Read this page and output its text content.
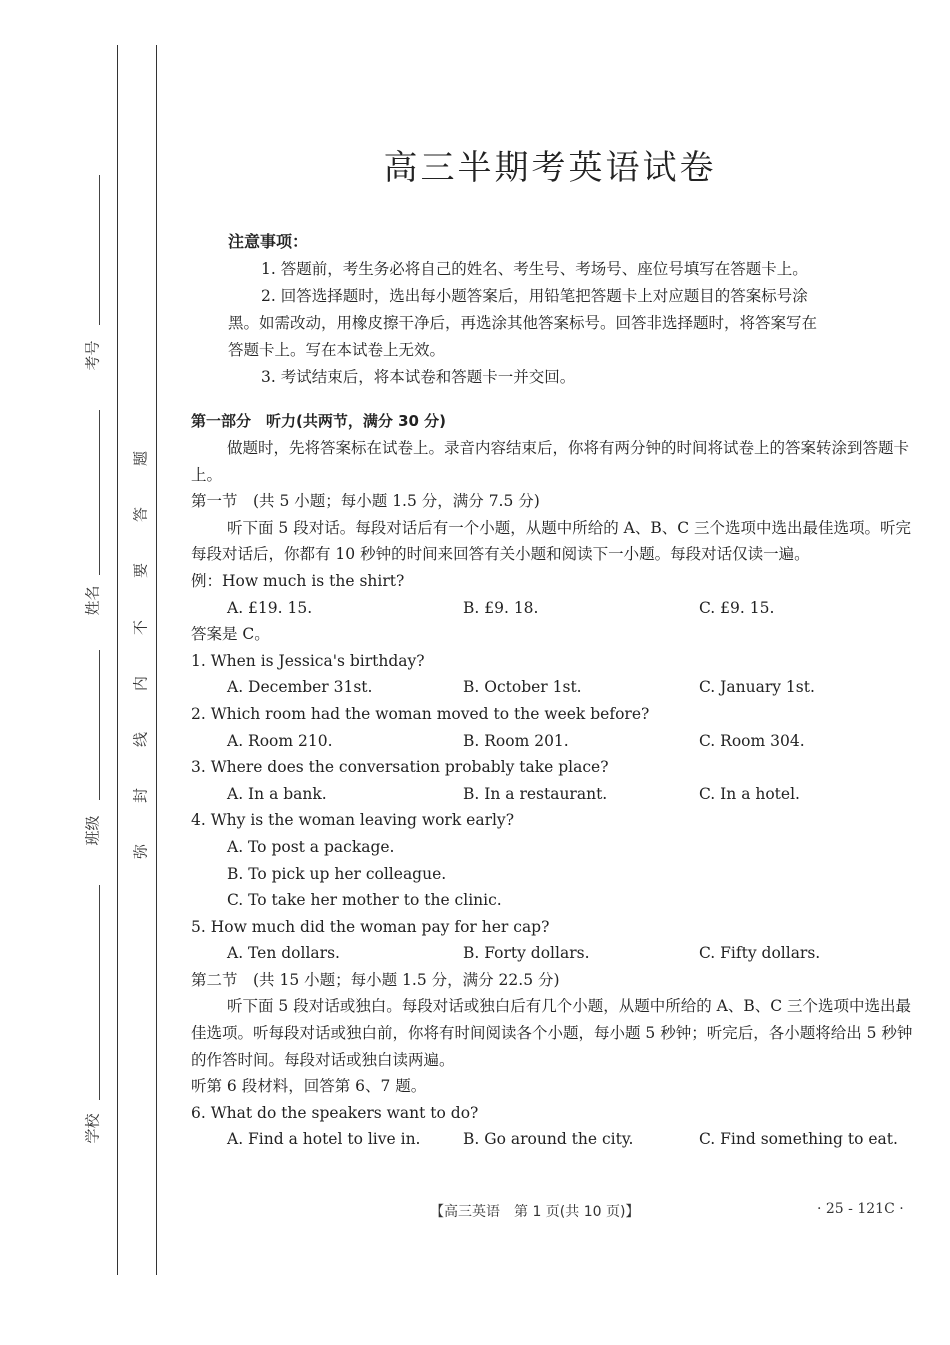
考号
姓名
班级
学校
题
答
要
不
内
线
封
弥
高三半期考英语试卷
注意事项：

1. 答题前，考生务必将自己的姓名、考生号、考场号、座位号填写在答题卡上。

2. 回答选择题时，选出每小题答案后，用铅笔把答题卡上对应题目的答案标号涂

黑。如需改动，用橡皮擦干净后，再选涂其他答案标号。回答非选择题时，将答案写在

答题卡上。写在本试卷上无效。

3. 考试结束后，将本试卷和答题卡一并交回。

第一部分　听力(共两节，满分 30 分)

做题时，先将答案标在试卷上。录音内容结束后，你将有两分钟的时间将试卷上的答案转涂到答题卡上。

第一节　(共 5 小题；每小题 1.5 分，满分 7.5 分)

听下面 5 段对话。每段对话后有一个小题，从题中所给的 A、B、C 三个选项中选出最佳选项。听完每段对话后，你都有 10 秒钟的时间来回答有关小题和阅读下一小题。每段对话仅读一遍。

例：How much is the shirt?

A. £19. 15.	B. £9. 18.	C. £9. 15.

答案是 C。

1. When is Jessica's birthday?

A. December 31st.	B. October 1st.	C. January 1st.

2. Which room had the woman moved to the week before?

A. Room 210.	B. Room 201.	C. Room 304.

3. Where does the conversation probably take place?

A. In a bank.	B. In a restaurant.	C. In a hotel.

4. Why is the woman leaving work early?

A. To post a package.

B. To pick up her colleague.

C. To take her mother to the clinic.

5. How much did the woman pay for her cap?

A. Ten dollars.	B. Forty dollars.	C. Fifty dollars.

第二节　(共 15 小题；每小题 1.5 分，满分 22.5 分)

听下面 5 段对话或独白。每段对话或独白后有几个小题，从题中所给的 A、B、C 三个选项中选出最佳选项。听每段对话或独白前，你将有时间阅读各个小题，每小题 5 秒钟；听完后，各小题将给出 5 秒钟的作答时间。每段对话或独白读两遍。

听第 6 段材料，回答第 6、7 题。

6. What do the speakers want to do?

A. Find a hotel to live in.	B. Go around the city.	C. Find something to eat.
【高三英语　第 1 页(共 10 页)】	· 25 - 121C ·
